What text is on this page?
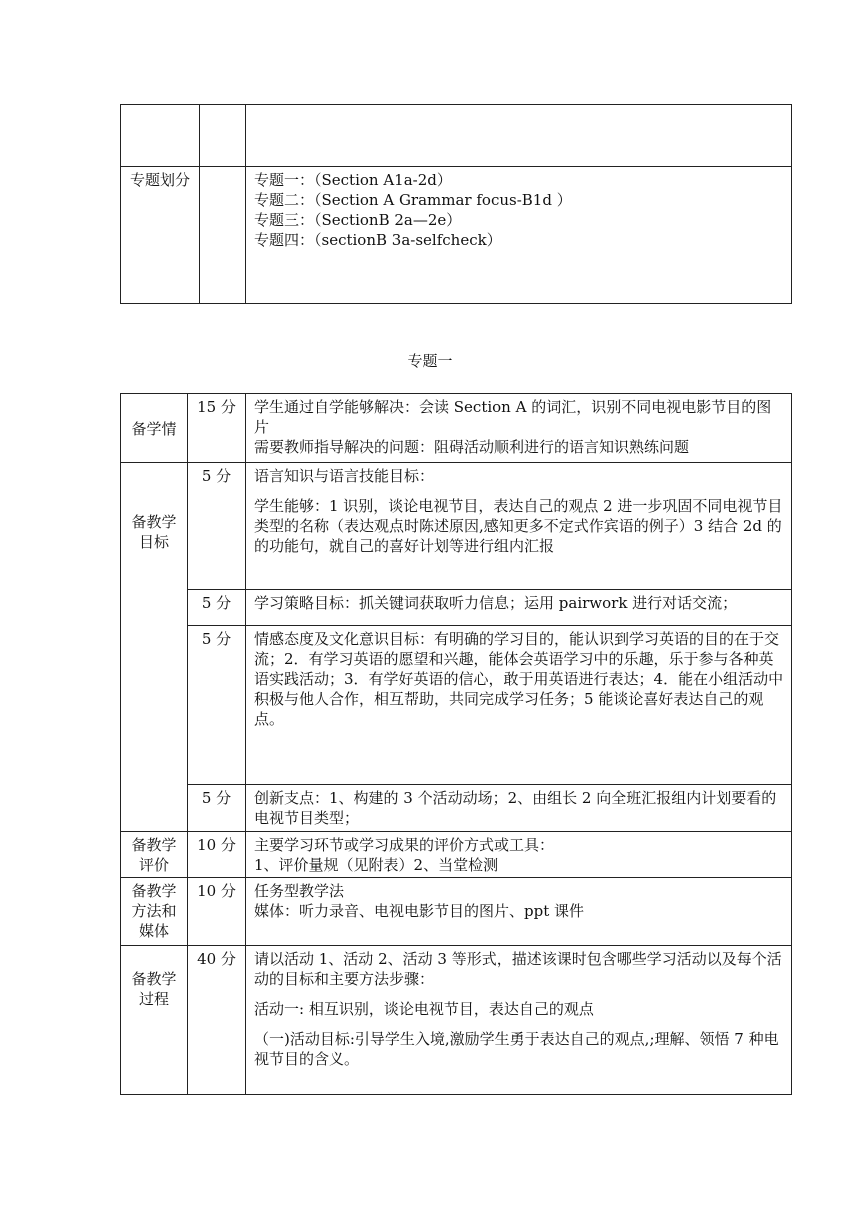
专题划分		专题一：（Section A1a-2d）
专题二：（Section A Grammar focus-B1d ）
专题三：（SectionB 2a—2e）
专题四：（sectionB 3a-selfcheck）
专题一
备学情	15 分	学生通过自学能够解决：会读 Section A 的词汇，识别不同电视电影节目的图片
需要教师指导解决的问题：阻碍活动顺利进行的语言知识熟练问题

备教学目标	5 分	语言知识与语言技能目标：
学生能够：1 识别，谈论电视节目，表达自己的观点 2 进一步巩固不同电视节目类型的名称（表达观点时陈述原因,感知更多不定式作宾语的例子）3 结合 2d 的的功能句，就自己的喜好计划等进行组内汇报

	5 分	学习策略目标：抓关键词获取听力信息；运用 pairwork 进行对话交流；

	5 分	情感态度及文化意识目标：有明确的学习目的，能认识到学习英语的目的在于交流；2．有学习英语的愿望和兴趣，能体会英语学习中的乐趣，乐于参与各种英语实践活动；3．有学好英语的信心，敢于用英语进行表达；4．能在小组活动中积极与他人合作，相互帮助，共同完成学习任务；5 能谈论喜好表达自己的观点。

	5 分	创新支点：1、构建的 3 个活动动场；2、由组长 2 向全班汇报组内计划要看的电视节目类型；

备教学评价	10 分	主要学习环节或学习成果的评价方式或工具：
1、评价量规（见附表）2、当堂检测

备教学方法和媒体	10 分	任务型教学法
媒体：听力录音、电视电影节目的图片、ppt 课件

备教学过程	40 分	请以活动 1、活动 2、活动 3 等形式，描述该课时包含哪些学习活动以及每个活动的目标和主要方法步骤：
活动一: 相互识别，谈论电视节目，表达自己的观点
（一)活动目标:引导学生入境,激励学生勇于表达自己的观点,;理解、领悟 7 种电视节目的含义。
